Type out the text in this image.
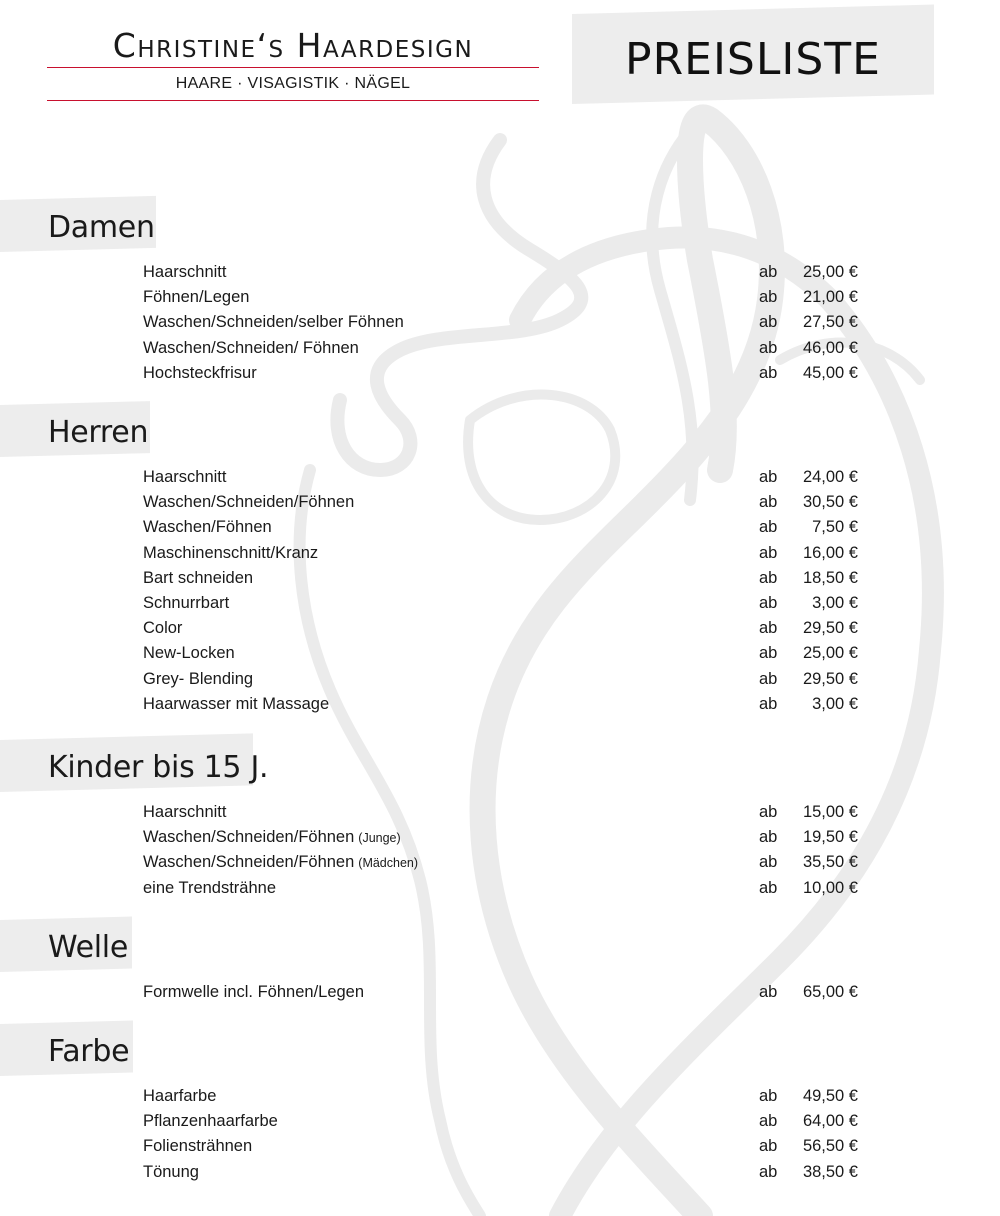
PREISLISTE
Christine‘s Haardesign
HAARE · VISAGISTIK · NÄGEL
Damen
Haarschnitt	ab 25,00 €
Föhnen/Legen	ab 21,00 €
Waschen/Schneiden/selber Föhnen	ab 27,50 €
Waschen/Schneiden/ Föhnen	ab 46,00 €
Hochsteckfrisur	ab 45,00 €
Herren
Haarschnitt	ab 24,00 €
Waschen/Schneiden/Föhnen	ab 30,50 €
Waschen/Föhnen	ab 7,50 €
Maschinenschnitt/Kranz	ab 16,00 €
Bart schneiden	ab 18,50 €
Schnurrbart	ab 3,00 €
Color	ab 29,50 €
New-Locken	ab 25,00 €
Grey- Blending	ab 29,50 €
Haarwasser mit Massage	ab 3,00 €
Kinder bis 15 J.
Haarschnitt	ab 15,00 €
Waschen/Schneiden/Föhnen (Junge)	ab 19,50 €
Waschen/Schneiden/Föhnen (Mädchen)	ab 35,50 €
eine Trendsträhne	ab 10,00 €
Welle
Formwelle incl. Föhnen/Legen	ab 65,00 €
Farbe
Haarfarbe	ab 49,50 €
Pflanzenhaarfarbe	ab 64,00 €
Foliensträhnen	ab 56,50 €
Tönung	ab 38,50 €
